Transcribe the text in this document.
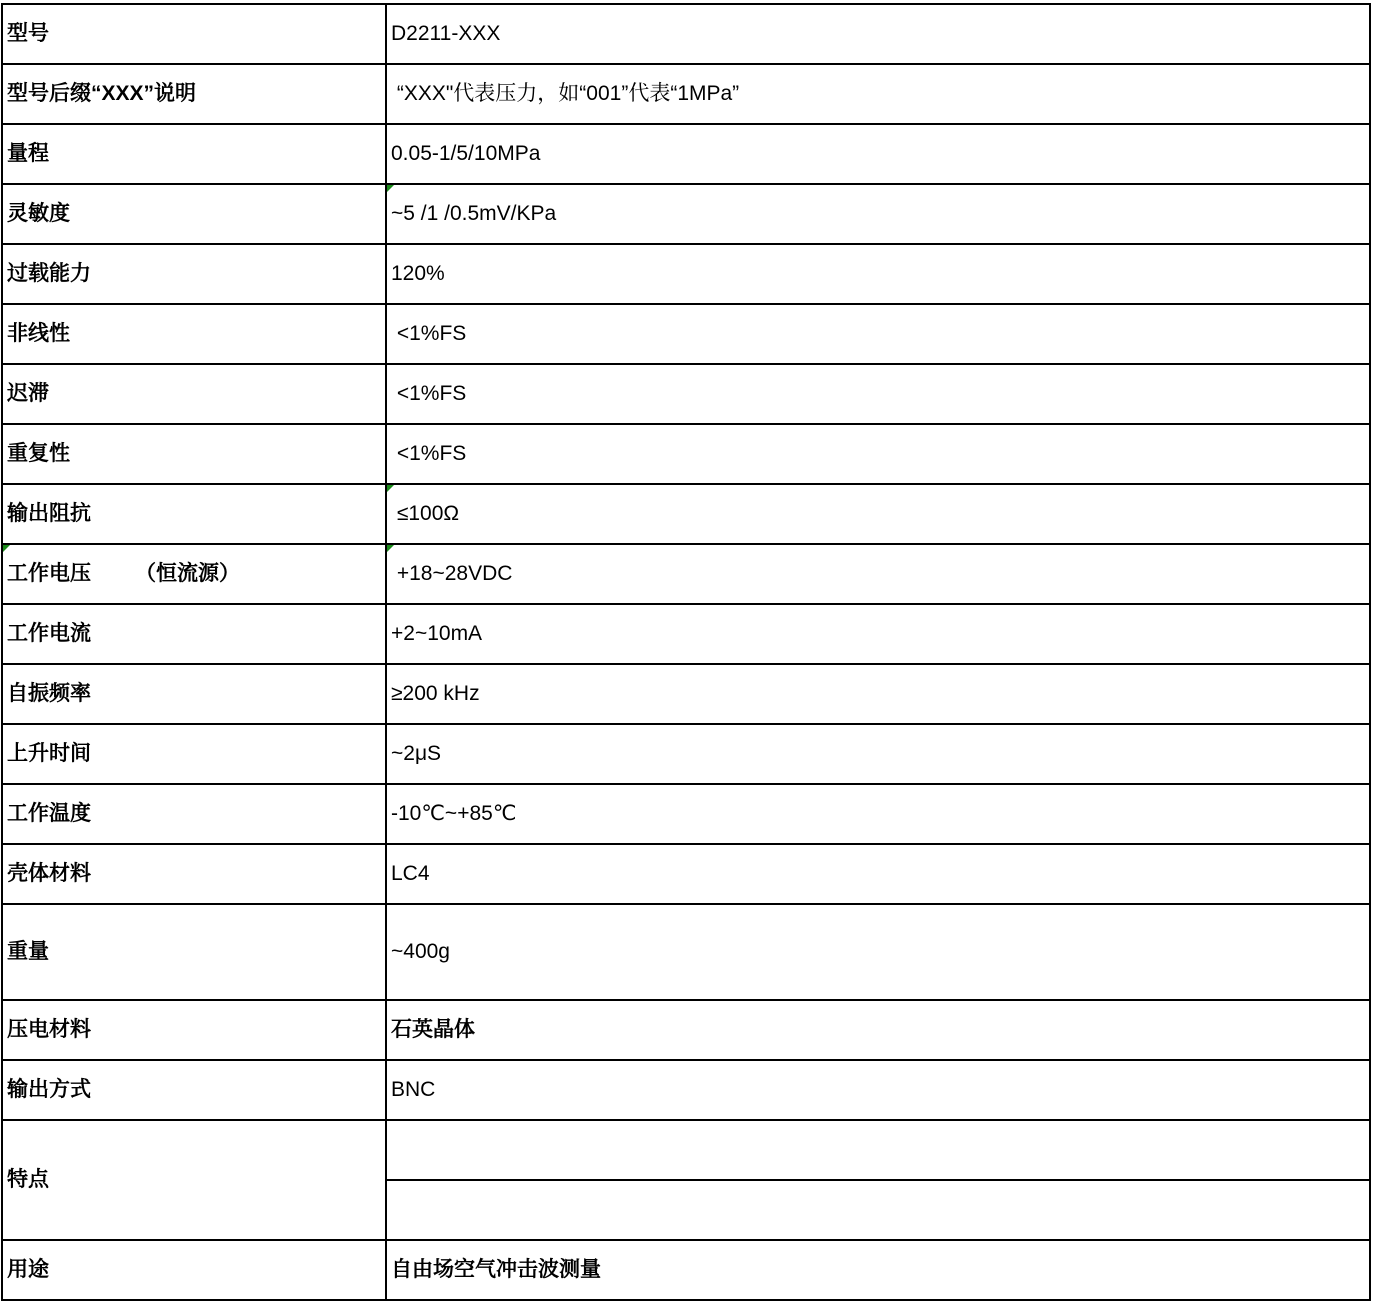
型号	D2211-XXX
型号后缀“XXX”说明	“XXX"代表压力，如“001”代表“1MPa”
量程	0.05-1/5/10MPa
灵敏度	~5 /1 /0.5mV/KPa
过载能力	120%
非线性	<1%FS
迟滞	<1%FS
重复性	<1%FS
输出阻抗	≤100Ω
工作电压 （恒流源）	+18~28VDC
工作电流	+2~10mA
自振频率	≥200 kHz
上升时间	~2μS
工作温度	-10℃~+85℃
壳体材料	LC4
重量	~400g
压电材料	石英晶体
输出方式	BNC
特点	

用途	自由场空气冲击波测量
